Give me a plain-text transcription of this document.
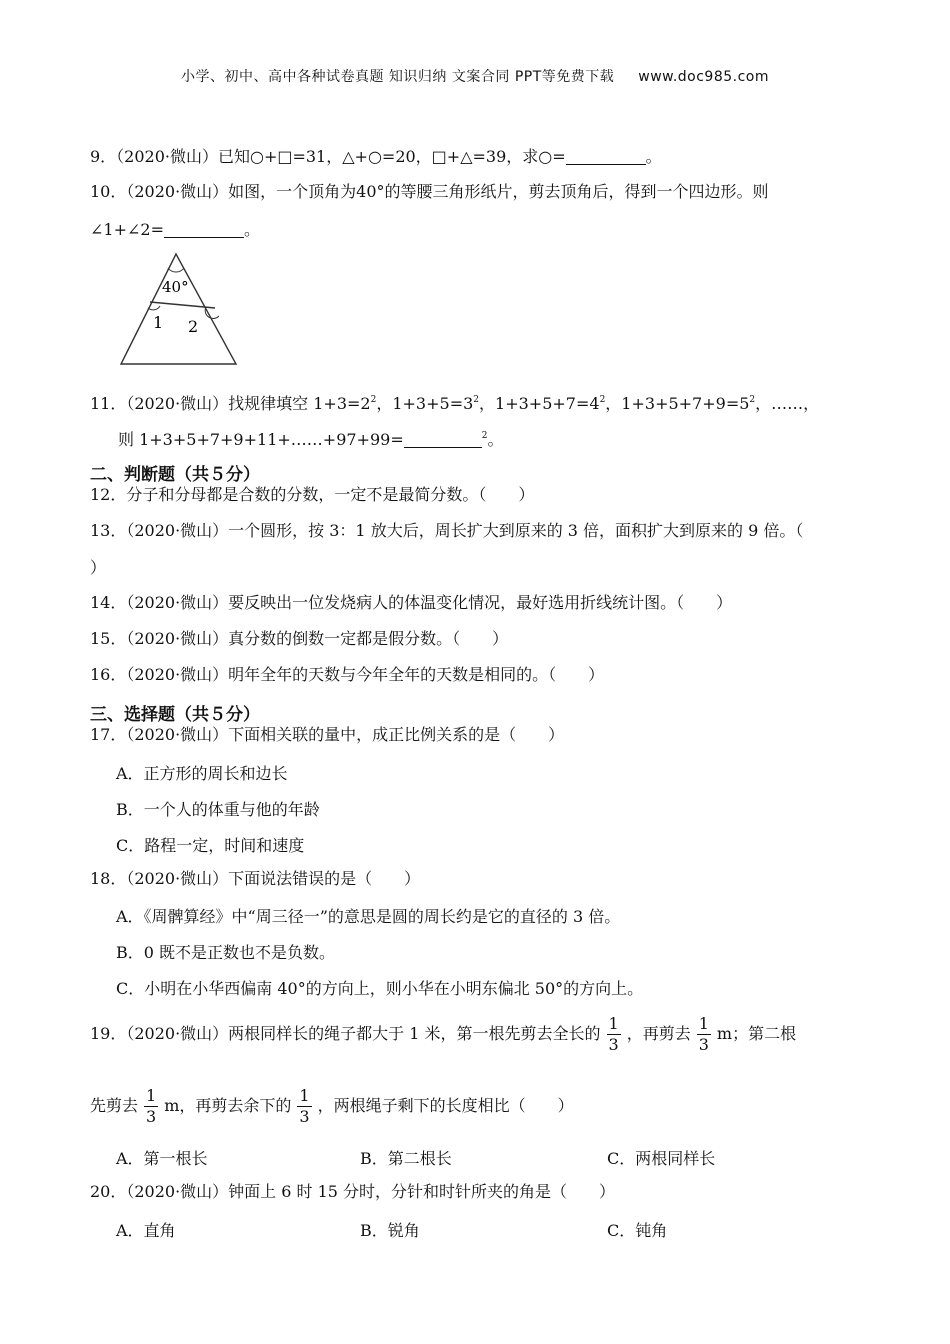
小学、初中、高中各种试卷真题 知识归纳 文案合同 PPT等免费下载 www.doc985.com
9．（2020·微山）已知○+□=31，△+○=20，□+△=39，求○=	。
10．（2020·微山）如图，一个顶角为40°的等腰三角形纸片，剪去顶角后，得到一个四边形。则
∠1+∠2=	。
40°
1 2
11．（2020·微山）找规律填空 $1+3=2^2$，$1+3+5=3^2$，$1+3+5+7=4^2$，$1+3+5+7+9=5^2$，……，
则 1+3+5+7+9+11+……+97+99=	$^2$。
二、判断题（共５分）
12．分子和分母都是合数的分数，一定不是最简分数。（　　）
13．（2020·微山）一个圆形，按 3：1 放大后，周长扩大到原来的 3 倍，面积扩大到原来的 9 倍。（
）
14．（2020·微山）要反映出一位发烧病人的体温变化情况，最好选用折线统计图。（　　）
15．（2020·微山）真分数的倒数一定都是假分数。（　　）
16．（2020·微山）明年全年的天数与今年全年的天数是相同的。（　　）
三、选择题（共５分）
17．（2020·微山）下面相关联的量中，成正比例关系的是（　　）
A．正方形的周长和边长
B．一个人的体重与他的年龄
C．路程一定，时间和速度
18．（2020·微山）下面说法错误的是（　　）
A．《周髀算经》中“周三径一”的意思是圆的周长约是它的直径的 3 倍。
B．0 既不是正数也不是负数。
C．小明在小华西偏南 40°的方向上，则小华在小明东偏北 50°的方向上。
19．（2020·微山）两根同样长的绳子都大于 1 米，第一根先剪去全长的 $\frac{1}{3}$ ，再剪去 $\frac{1}{3}$ m；第二根
先剪去 $\frac{1}{3}$ m，再剪去余下的 $\frac{1}{3}$ ，两根绳子剩下的长度相比（　　）
A．第一根长	B．第二根长	C．两根同样长
20．（2020·微山）钟面上 6 时 15 分时，分针和时针所夹的角是（　　）
A．直角	B．锐角	C．钝角
